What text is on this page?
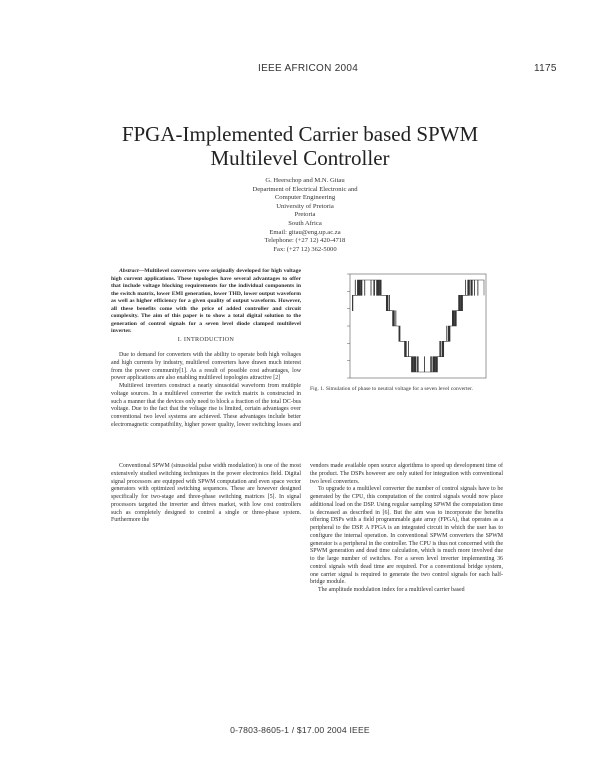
IEEE AFRICON 2004	1175
FPGA-Implemented Carrier based SPWM
Multilevel Controller
G. Heerschop and M.N. Gitau
Department of Electrical Electronic and
Computer Engineering
University of Pretoria
Pretoria
South Africa
Email: gitau@eng.up.ac.za
Telephone: (+27 12) 420-4718
Fax: (+27 12) 362-5000

Abstract—Multilevel converters were originally developed for high voltage high current applications. These topologies have several advantages to offer that include voltage blocking requirements for the individual components in the switch matrix, lower EMI generation, lower THD, lower output waveform as well as higher efficiency for a given quality of output waveform. However, all these benefits come with the price of added controller and circuit complexity. The aim of this paper is to show a total digital solution to the generation of control signals for a seven level diode clamped multilevel inverter.

I. INTRODUCTION

Due to demand for converters with the ability to operate both high voltages and high currents by industry, multilevel converters have drawn much interest from the power community[1]. As a result of possible cost advantages, low power applications are also enabling multilevel topologies attractive [2]

Multilevel inverters construct a nearly sinusoidal waveform from multiple voltage sources. In a multilevel converter the switch matrix is constructed in such a manner that the devices only need to block a fraction of the total DC-bus voltage. Due to the fact that the voltage rise is limited, certain advantages over conventional two level systems are achieved. These advantages include better electromagnetic compatibility, higher power quality, lower switching losses and

Conventional SPWM (sinusoidal pulse width modulation) is one of the most extensively studied switching techniques in the power electronics field. Digital signal processors are equipped with SPWM computation and even space vector generators with optimized switching sequences. These are however designed specifically for two-stage and three-phase switching matrices [5]. In signal processors targeted the inverter and drives market, with low cost controllers such as completely designed to control a single or three-phase system. Furthermore the

Fig. 1. Simulation of phase to neutral voltage for a seven level converter.

vendors made available open source algorithms to speed up development time of the product. The DSPs however are only suited for integration with conventional two level converters.

To upgrade to a multilevel converter the number of control signals have to be generated by the CPU, this computation of the control signals would now place additional load on the DSP. Using regular sampling SPWM the computation time is decreased as described in [6]. But the aim was to incorporate the benefits offering DSPs with a field programmable gate array (FPGA), that operates as a peripheral to the DSP. A FPGA is an integrated circuit in which the user has to configure the internal operation. In conventional SPWM converters the SPWM generator is a peripheral in the controller. The CPU is thus not concerned with the SPWM generation and dead time calculation, which is much more involved due to the large number of switches. For a seven level inverter implementing 36 control signals with dead time are required. For a conventional bridge system, one carrier signal is required to generate the two control signals for each half-bridge module.

The amplitude modulation index for a multilevel carrier based

0-7803-8605-1 / $17.00 2004 IEEE
